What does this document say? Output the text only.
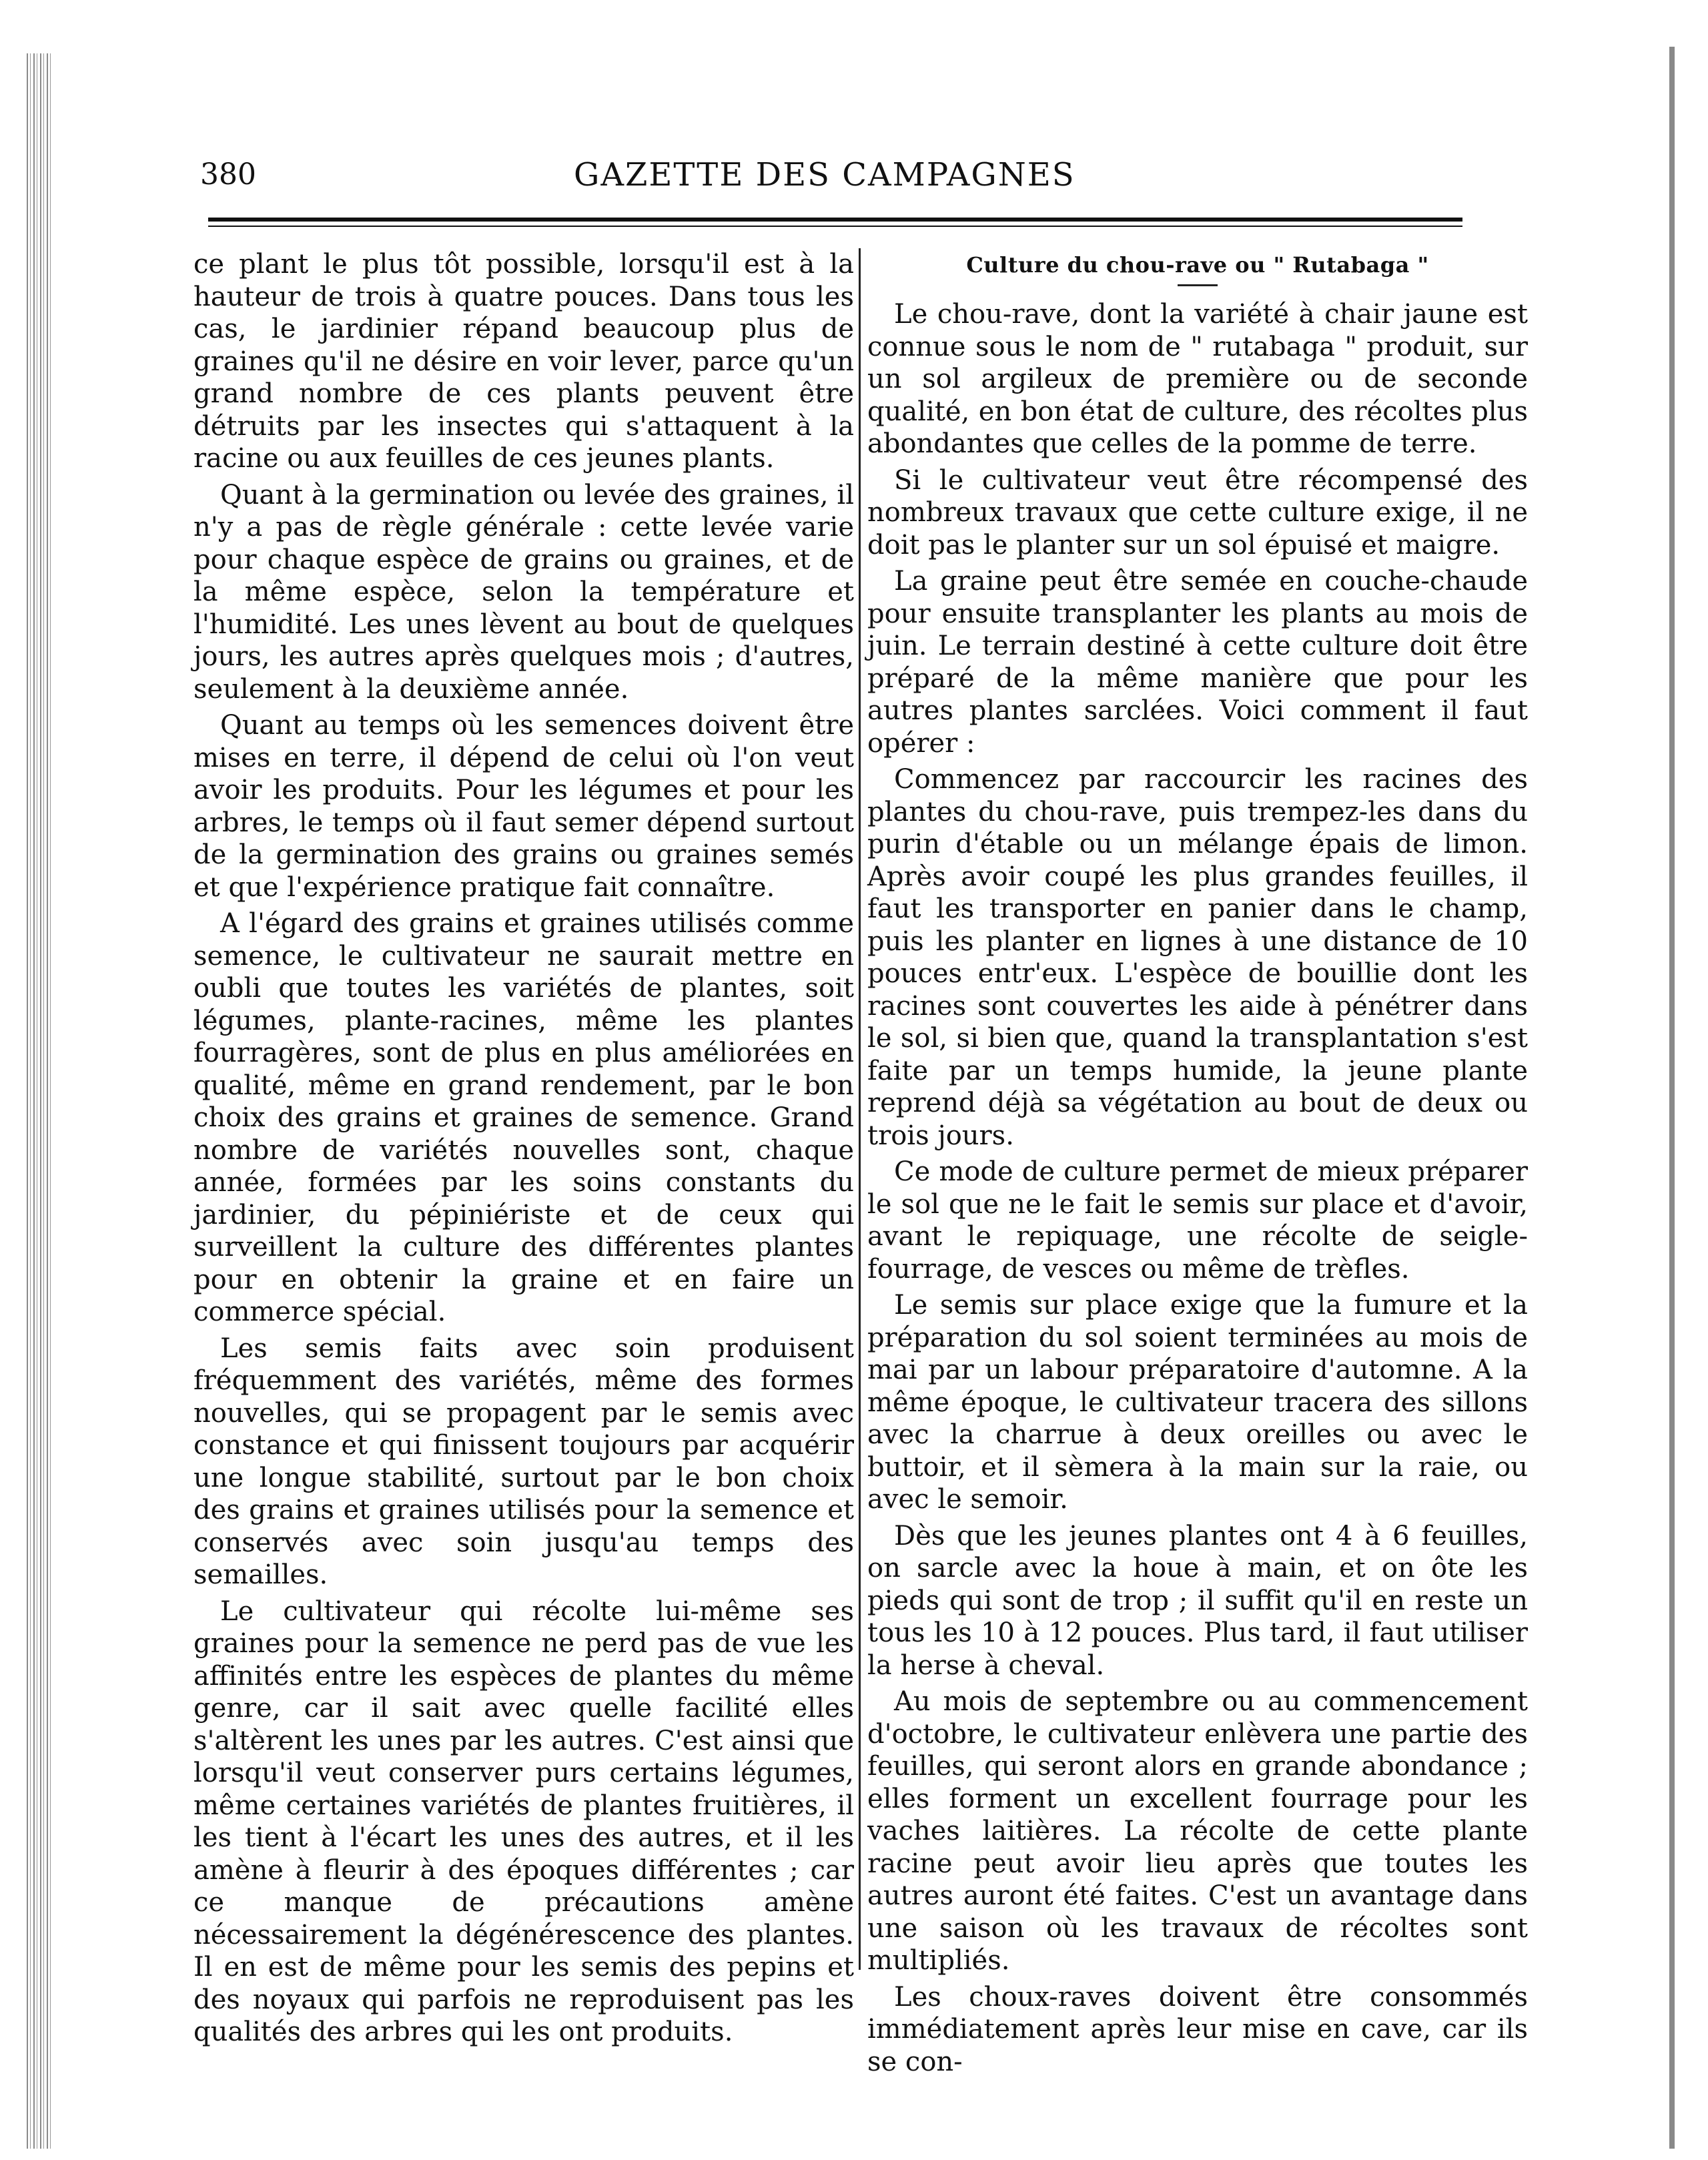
380	GAZETTE DES CAMPAGNES

ce plant le plus tôt possible, lorsqu'il est à la hauteur de trois à quatre pouces. Dans tous les cas, le jardinier répand beaucoup plus de graines qu'il ne désire en voir lever, parce qu'un grand nombre de ces plants peuvent être détruits par les insectes qui s'attaquent à la racine ou aux feuilles de ces jeunes plants.

Quant à la germination ou levée des graines, il n'y a pas de règle générale : cette levée varie pour chaque espèce de grains ou graines, et de la même espèce, selon la température et l'humidité. Les unes lèvent au bout de quelques jours, les autres après quelques mois ; d'autres, seulement à la deuxième année.

Quant au temps où les semences doivent être mises en terre, il dépend de celui où l'on veut avoir les produits. Pour les légumes et pour les arbres, le temps où il faut semer dépend surtout de la germination des grains ou graines semés et que l'expérience pratique fait connaître.

A l'égard des grains et graines utilisés comme semence, le cultivateur ne saurait mettre en oubli que toutes les variétés de plantes, soit légumes, plante-racines, même les plantes fourragères, sont de plus en plus améliorées en qualité, même en grand rendement, par le bon choix des grains et graines de semence. Grand nombre de variétés nouvelles sont, chaque année, formées par les soins constants du jardinier, du pépiniériste et de ceux qui surveillent la culture des différentes plantes pour en obtenir la graine et en faire un commerce spécial.

Les semis faits avec soin produisent fréquemment des variétés, même des formes nouvelles, qui se propagent par le semis avec constance et qui finissent toujours par acquérir une longue stabilité, surtout par le bon choix des grains et graines utilisés pour la semence et conservés avec soin jusqu'au temps des semailles.

Le cultivateur qui récolte lui-même ses graines pour la semence ne perd pas de vue les affinités entre les espèces de plantes du même genre, car il sait avec quelle facilité elles s'altèrent les unes par les autres. C'est ainsi que lorsqu'il veut conserver purs certains légumes, même certaines variétés de plantes fruitières, il les tient à l'écart les unes des autres, et il les amène à fleurir à des époques différentes ; car ce manque de précautions amène nécessairement la dégénérescence des plantes. Il en est de même pour les semis des pepins et des noyaux qui parfois ne reproduisent pas les qualités des arbres qui les ont produits.

Culture du chou-rave ou " Rutabaga "

Le chou-rave, dont la variété à chair jaune est connue sous le nom de " rutabaga " produit, sur un sol argileux de première ou de seconde qualité, en bon état de culture, des récoltes plus abondantes que celles de la pomme de terre.

Si le cultivateur veut être récompensé des nombreux travaux que cette culture exige, il ne doit pas le planter sur un sol épuisé et maigre.

La graine peut être semée en couche-chaude pour ensuite transplanter les plants au mois de juin. Le terrain destiné à cette culture doit être préparé de la même manière que pour les autres plantes sarclées. Voici comment il faut opérer :

Commencez par raccourcir les racines des plantes du chou-rave, puis trempez-les dans du purin d'étable ou un mélange épais de limon. Après avoir coupé les plus grandes feuilles, il faut les transporter en panier dans le champ, puis les planter en lignes à une distance de 10 pouces entr'eux. L'espèce de bouillie dont les racines sont couvertes les aide à pénétrer dans le sol, si bien que, quand la transplantation s'est faite par un temps humide, la jeune plante reprend déjà sa végétation au bout de deux ou trois jours.

Ce mode de culture permet de mieux préparer le sol que ne le fait le semis sur place et d'avoir, avant le repiquage, une récolte de seigle-fourrage, de vesces ou même de trèfles.

Le semis sur place exige que la fumure et la préparation du sol soient terminées au mois de mai par un labour préparatoire d'automne. A la même époque, le cultivateur tracera des sillons avec la charrue à deux oreilles ou avec le buttoir, et il sèmera à la main sur la raie, ou avec le semoir.

Dès que les jeunes plantes ont 4 à 6 feuilles, on sarcle avec la houe à main, et on ôte les pieds qui sont de trop ; il suffit qu'il en reste un tous les 10 à 12 pouces. Plus tard, il faut utiliser la herse à cheval.

Au mois de septembre ou au commencement d'octobre, le cultivateur enlèvera une partie des feuilles, qui seront alors en grande abondance ; elles forment un excellent fourrage pour les vaches laitières. La récolte de cette plante racine peut avoir lieu après que toutes les autres auront été faites. C'est un avantage dans une saison où les travaux de récoltes sont multipliés.

Les choux-raves doivent être consommés immédiatement après leur mise en cave, car ils se con-
